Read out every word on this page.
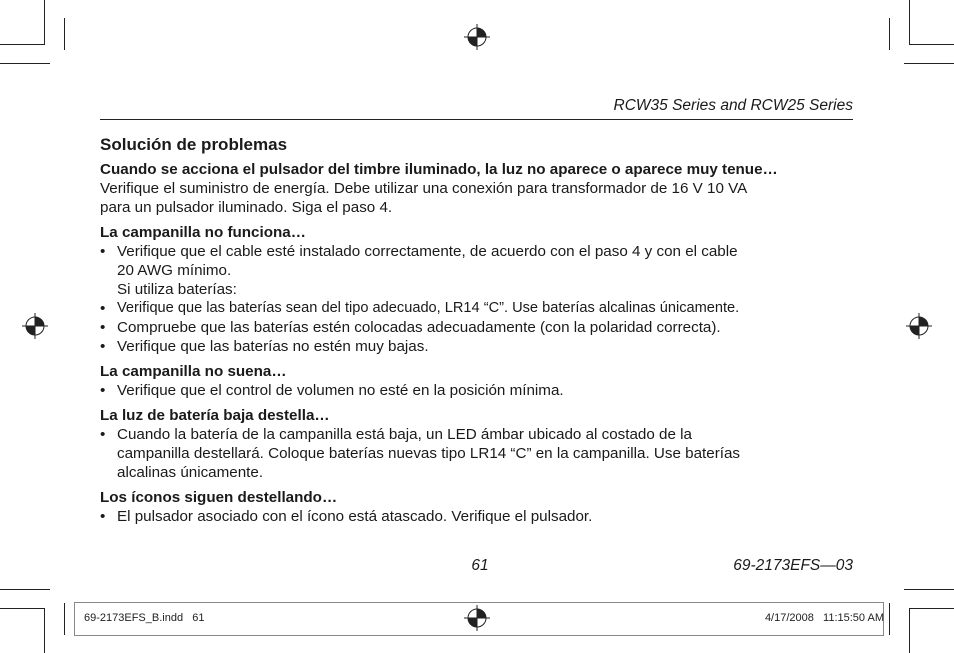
RCW35 Series and RCW25 Series

Solución de problemas

Cuando se acciona el pulsador del timbre iluminado, la luz no aparece o aparece muy tenue…

Verifique el suministro de energía. Debe utilizar una conexión para transformador de 16 V 10 VA

para un pulsador iluminado. Siga el paso 4.

La campanilla no funciona…

• Verifique que el cable esté instalado correctamente, de acuerdo con el paso 4 y con el cable
20 AWG mínimo.

Si utiliza baterías:

• Verifique que las baterías sean del tipo adecuado, LR14 “C”. Use baterías alcalinas únicamente.
• Compruebe que las baterías estén colocadas adecuadamente (con la polaridad correcta).
• Verifique que las baterías no estén muy bajas.

La campanilla no suena…

• Verifique que el control de volumen no esté en la posición mínima.

La luz de batería baja destella…

• Cuando la batería de la campanilla está baja, un LED ámbar ubicado al costado de la
campanilla destellará. Coloque baterías nuevas tipo LR14 “C” en la campanilla. Use baterías
alcalinas únicamente.

Los íconos siguen destellando…

• El pulsador asociado con el ícono está atascado. Verifique el pulsador.
61	69-2173EFS—03
69-2173EFS_B.indd   61	4/17/2008   11:15:50 AM
